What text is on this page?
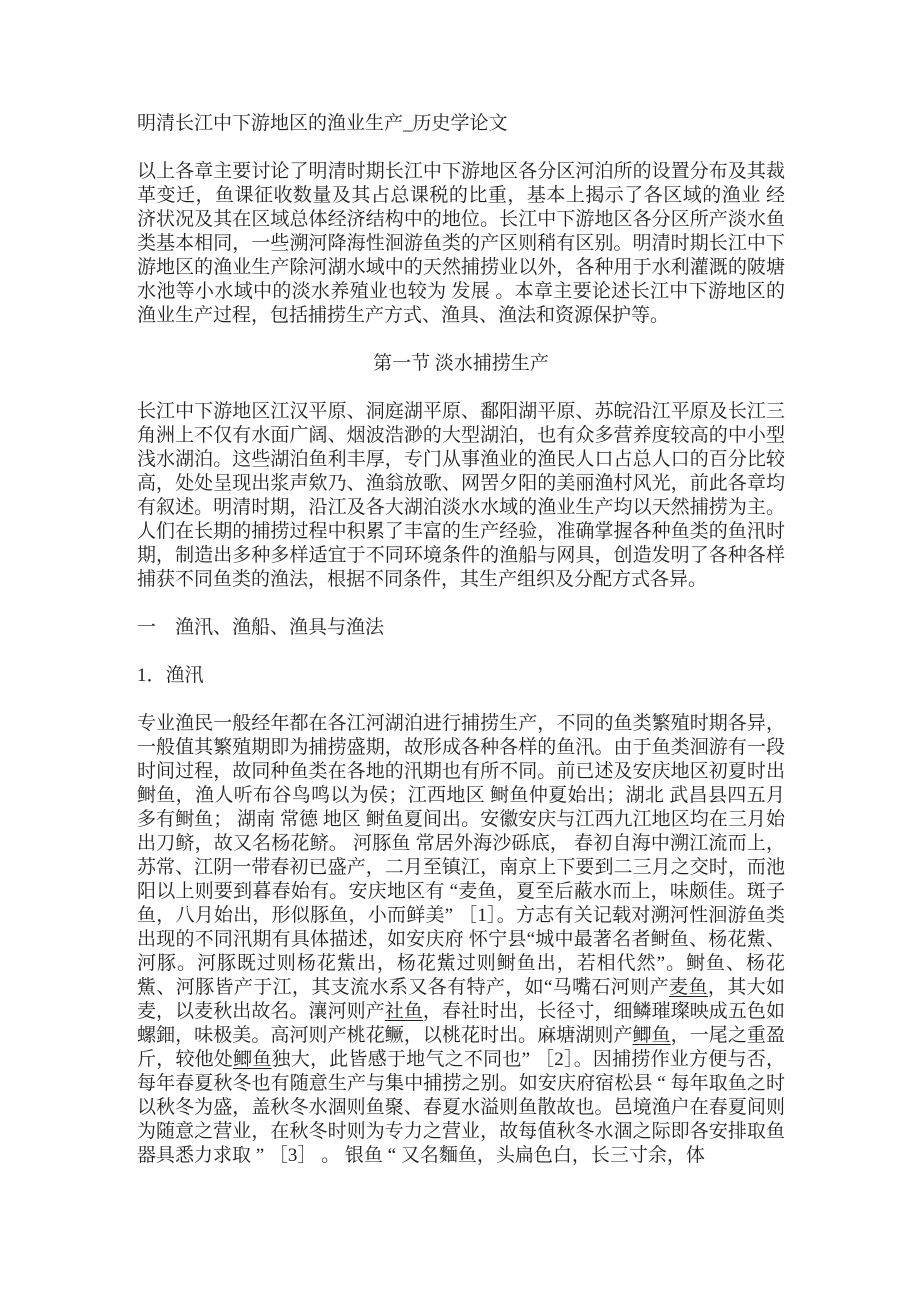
明清长江中下游地区的渔业生产_历史学论文

以上各章主要讨论了明清时期长江中下游地区各分区河泊所的设置分布及其裁革变迁，鱼课征收数量及其占总课税的比重，基本上揭示了各区域的渔业 经济状况及其在区域总体经济结构中的地位。长江中下游地区各分区所产淡水鱼类基本相同，一些溯河降海性洄游鱼类的产区则稍有区别。明清时期长江中下游地区的渔业生产除河湖水域中的天然捕捞业以外，各种用于水利灌溉的陂塘水池等小水域中的淡水养殖业也较为 发展 。本章主要论述长江中下游地区的渔业生产过程，包括捕捞生产方式、渔具、渔法和资源保护等。

第一节 淡水捕捞生产

长江中下游地区江汉平原、洞庭湖平原、鄱阳湖平原、苏皖沿江平原及长江三角洲上不仅有水面广阔、烟波浩渺的大型湖泊，也有众多营养度较高的中小型浅水湖泊。这些湖泊鱼利丰厚，专门从事渔业的渔民人口占总人口的百分比较高，处处呈现出浆声欸乃、渔翁放歌、网罟夕阳的美丽渔村风光，前此各章均有叙述。明清时期，沿江及各大湖泊淡水水域的渔业生产均以天然捕捞为主。人们在长期的捕捞过程中积累了丰富的生产经验，准确掌握各种鱼类的鱼汛时期，制造出多种多样适宜于不同环境条件的渔船与网具，创造发明了各种各样捕获不同鱼类的渔法，根据不同条件，其生产组织及分配方式各异。

一　渔汛、渔船、渔具与渔法

1．渔汛

专业渔民一般经年都在各江河湖泊进行捕捞生产，不同的鱼类繁殖时期各异，一般值其繁殖期即为捕捞盛期，故形成各种各样的鱼汛。由于鱼类洄游有一段时间过程，故同种鱼类在各地的汛期也有所不同。前已述及安庆地区初夏时出鲥鱼，渔人听布谷鸟鸣以为侯；江西地区 鲥鱼仲夏始出；湖北 武昌县四五月多有鲥鱼； 湖南 常德 地区 鲥鱼夏间出。安徽安庆与江西九江地区均在三月始出刀鲚，故又名杨花鲚。 河豚鱼 常居外海沙砾底， 春初自海中溯江流而上，苏常、江阴一带春初已盛产，二月至镇江，南京上下要到二三月之交时，而池阳以上则要到暮春始有。安庆地区有 “麦鱼，夏至后蔽水而上，味颇佳。斑子鱼，八月始出，形似豚鱼，小而鲜美” ［1］。方志有关记载对溯河性洄游鱼类出现的不同汛期有具体描述，如安庆府 怀宁县“城中最著名者鲥鱼、杨花鮆、河豚。河豚既过则杨花鮆出，杨花鮆过则鲥鱼出，若相代然”。鲥鱼、杨花鮆、河豚皆产于江，其支流水系又各有特产，如“马嘴石河则产麦鱼，其大如麦，以麦秋出故名。瀼河则产社鱼，春社时出，长径寸，细鳞璀璨映成五色如螺鈿，味极美。高河则产桃花鳜，以桃花时出。麻塘湖则产鲫鱼，一尾之重盈斤，较他处鲫鱼独大，此皆感于地气之不同也” ［2］。因捕捞作业方便与否，每年春夏秋冬也有随意生产与集中捕捞之别。如安庆府宿松县 “ 每年取鱼之时以秋冬为盛，盖秋冬水涸则鱼聚、春夏水溢则鱼散故也。邑境渔户在春夏间则为随意之营业，在秋冬时则为专力之营业，故每值秋冬水涸之际即各安排取鱼器具悉力求取 ” ［3］ 。 银鱼 “ 又名麵鱼，头扁色白，长三寸余，体
